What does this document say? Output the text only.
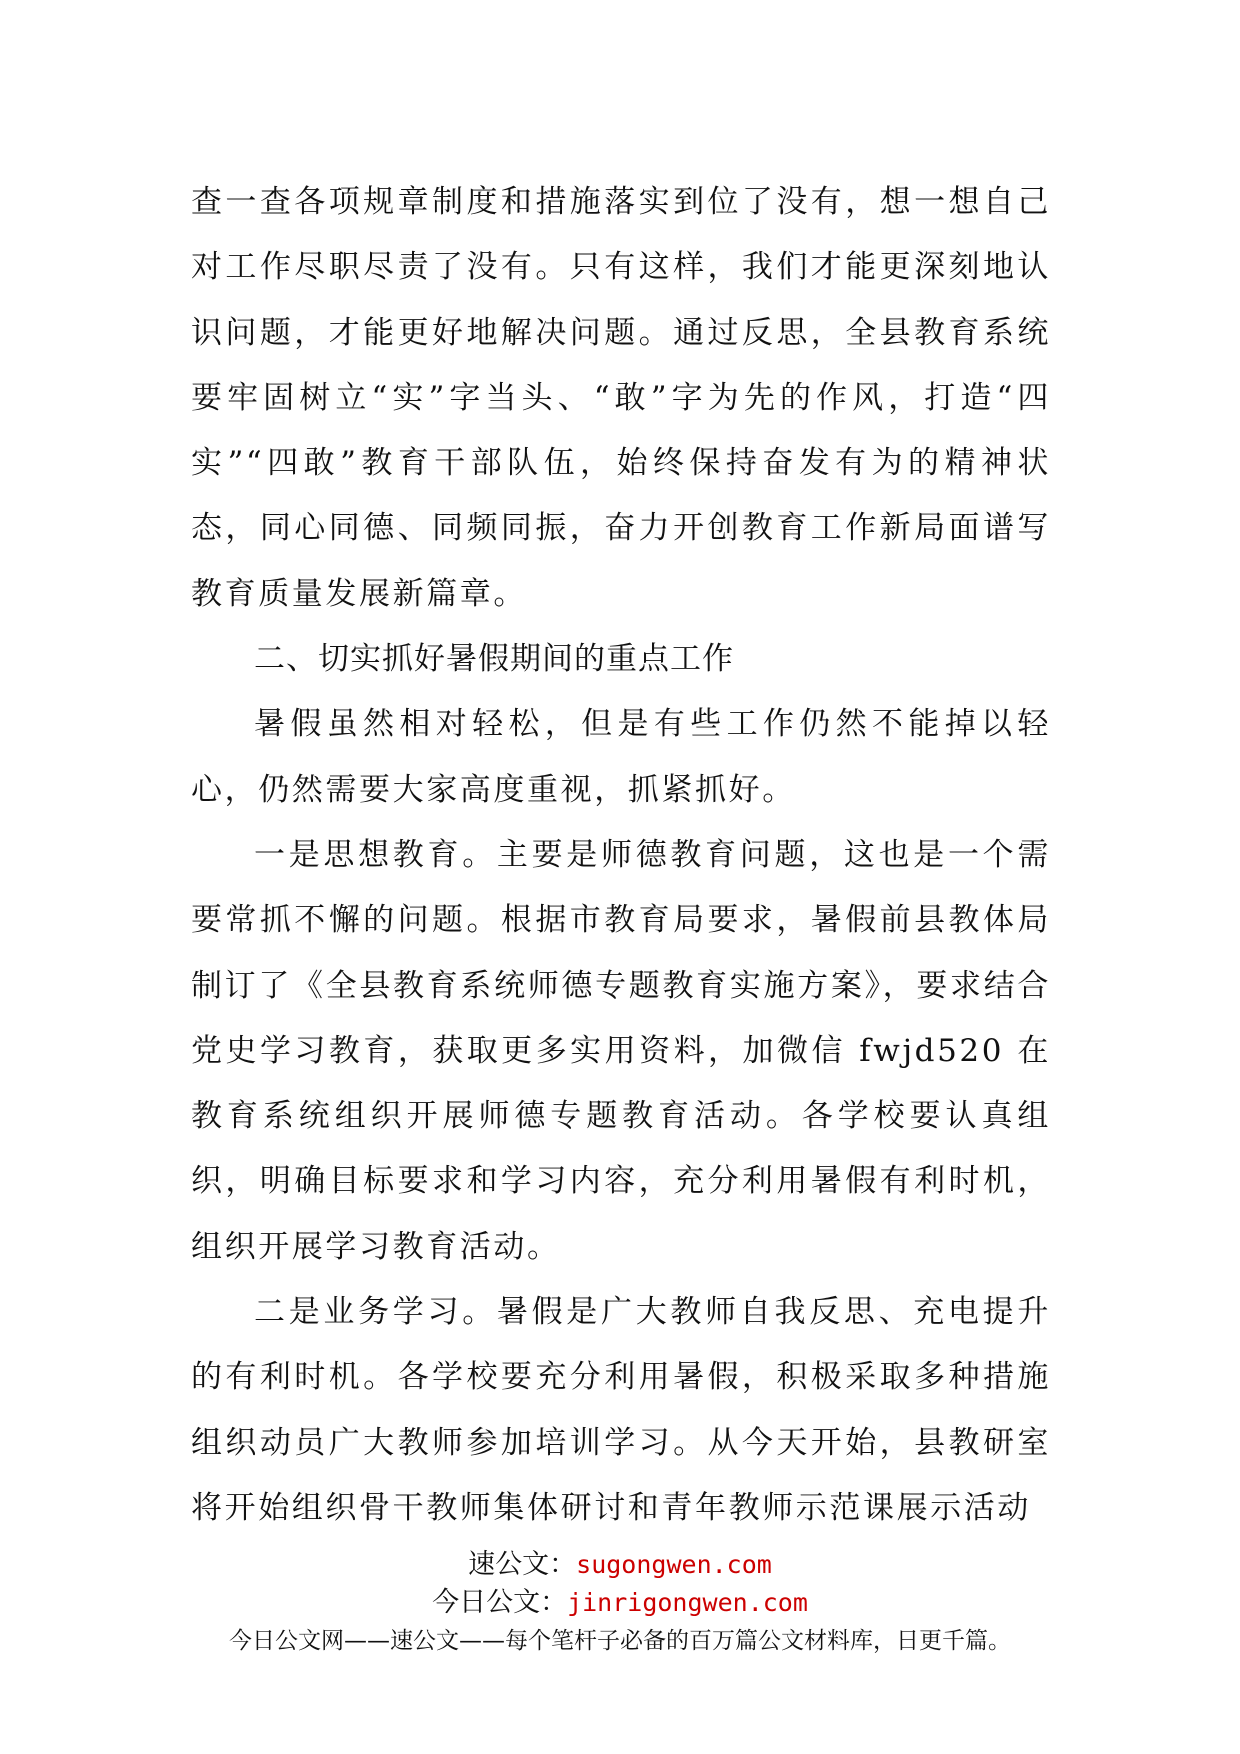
查一查各项规章制度和措施落实到位了没有，想一想自己对工作尽职尽责了没有。只有这样，我们才能更深刻地认识问题，才能更好地解决问题。通过反思，全县教育系统要牢固树立“实”字当头、“敢”字为先的作风，打造“四实”“四敢”教育干部队伍，始终保持奋发有为的精神状态，同心同德、同频同振，奋力开创教育工作新局面谱写教育质量发展新篇章。

二、切实抓好暑假期间的重点工作

暑假虽然相对轻松，但是有些工作仍然不能掉以轻心，仍然需要大家高度重视，抓紧抓好。

一是思想教育。主要是师德教育问题，这也是一个需要常抓不懈的问题。根据市教育局要求，暑假前县教体局制订了《全县教育系统师德专题教育实施方案》，要求结合党史学习教育，获取更多实用资料，加微信 fwjd520 在教育系统组织开展师德专题教育活动。各学校要认真组织，明确目标要求和学习内容，充分利用暑假有利时机，组织开展学习教育活动。

二是业务学习。暑假是广大教师自我反思、充电提升的有利时机。各学校要充分利用暑假，积极采取多种措施组织动员广大教师参加培训学习。从今天开始，县教研室将开始组织骨干教师集体研讨和青年教师示范课展示活动

速公文：sugongwen.com
今日公文：jinrigongwen.com
今日公文网——速公文——每个笔杆子必备的百万篇公文材料库，日更千篇。
